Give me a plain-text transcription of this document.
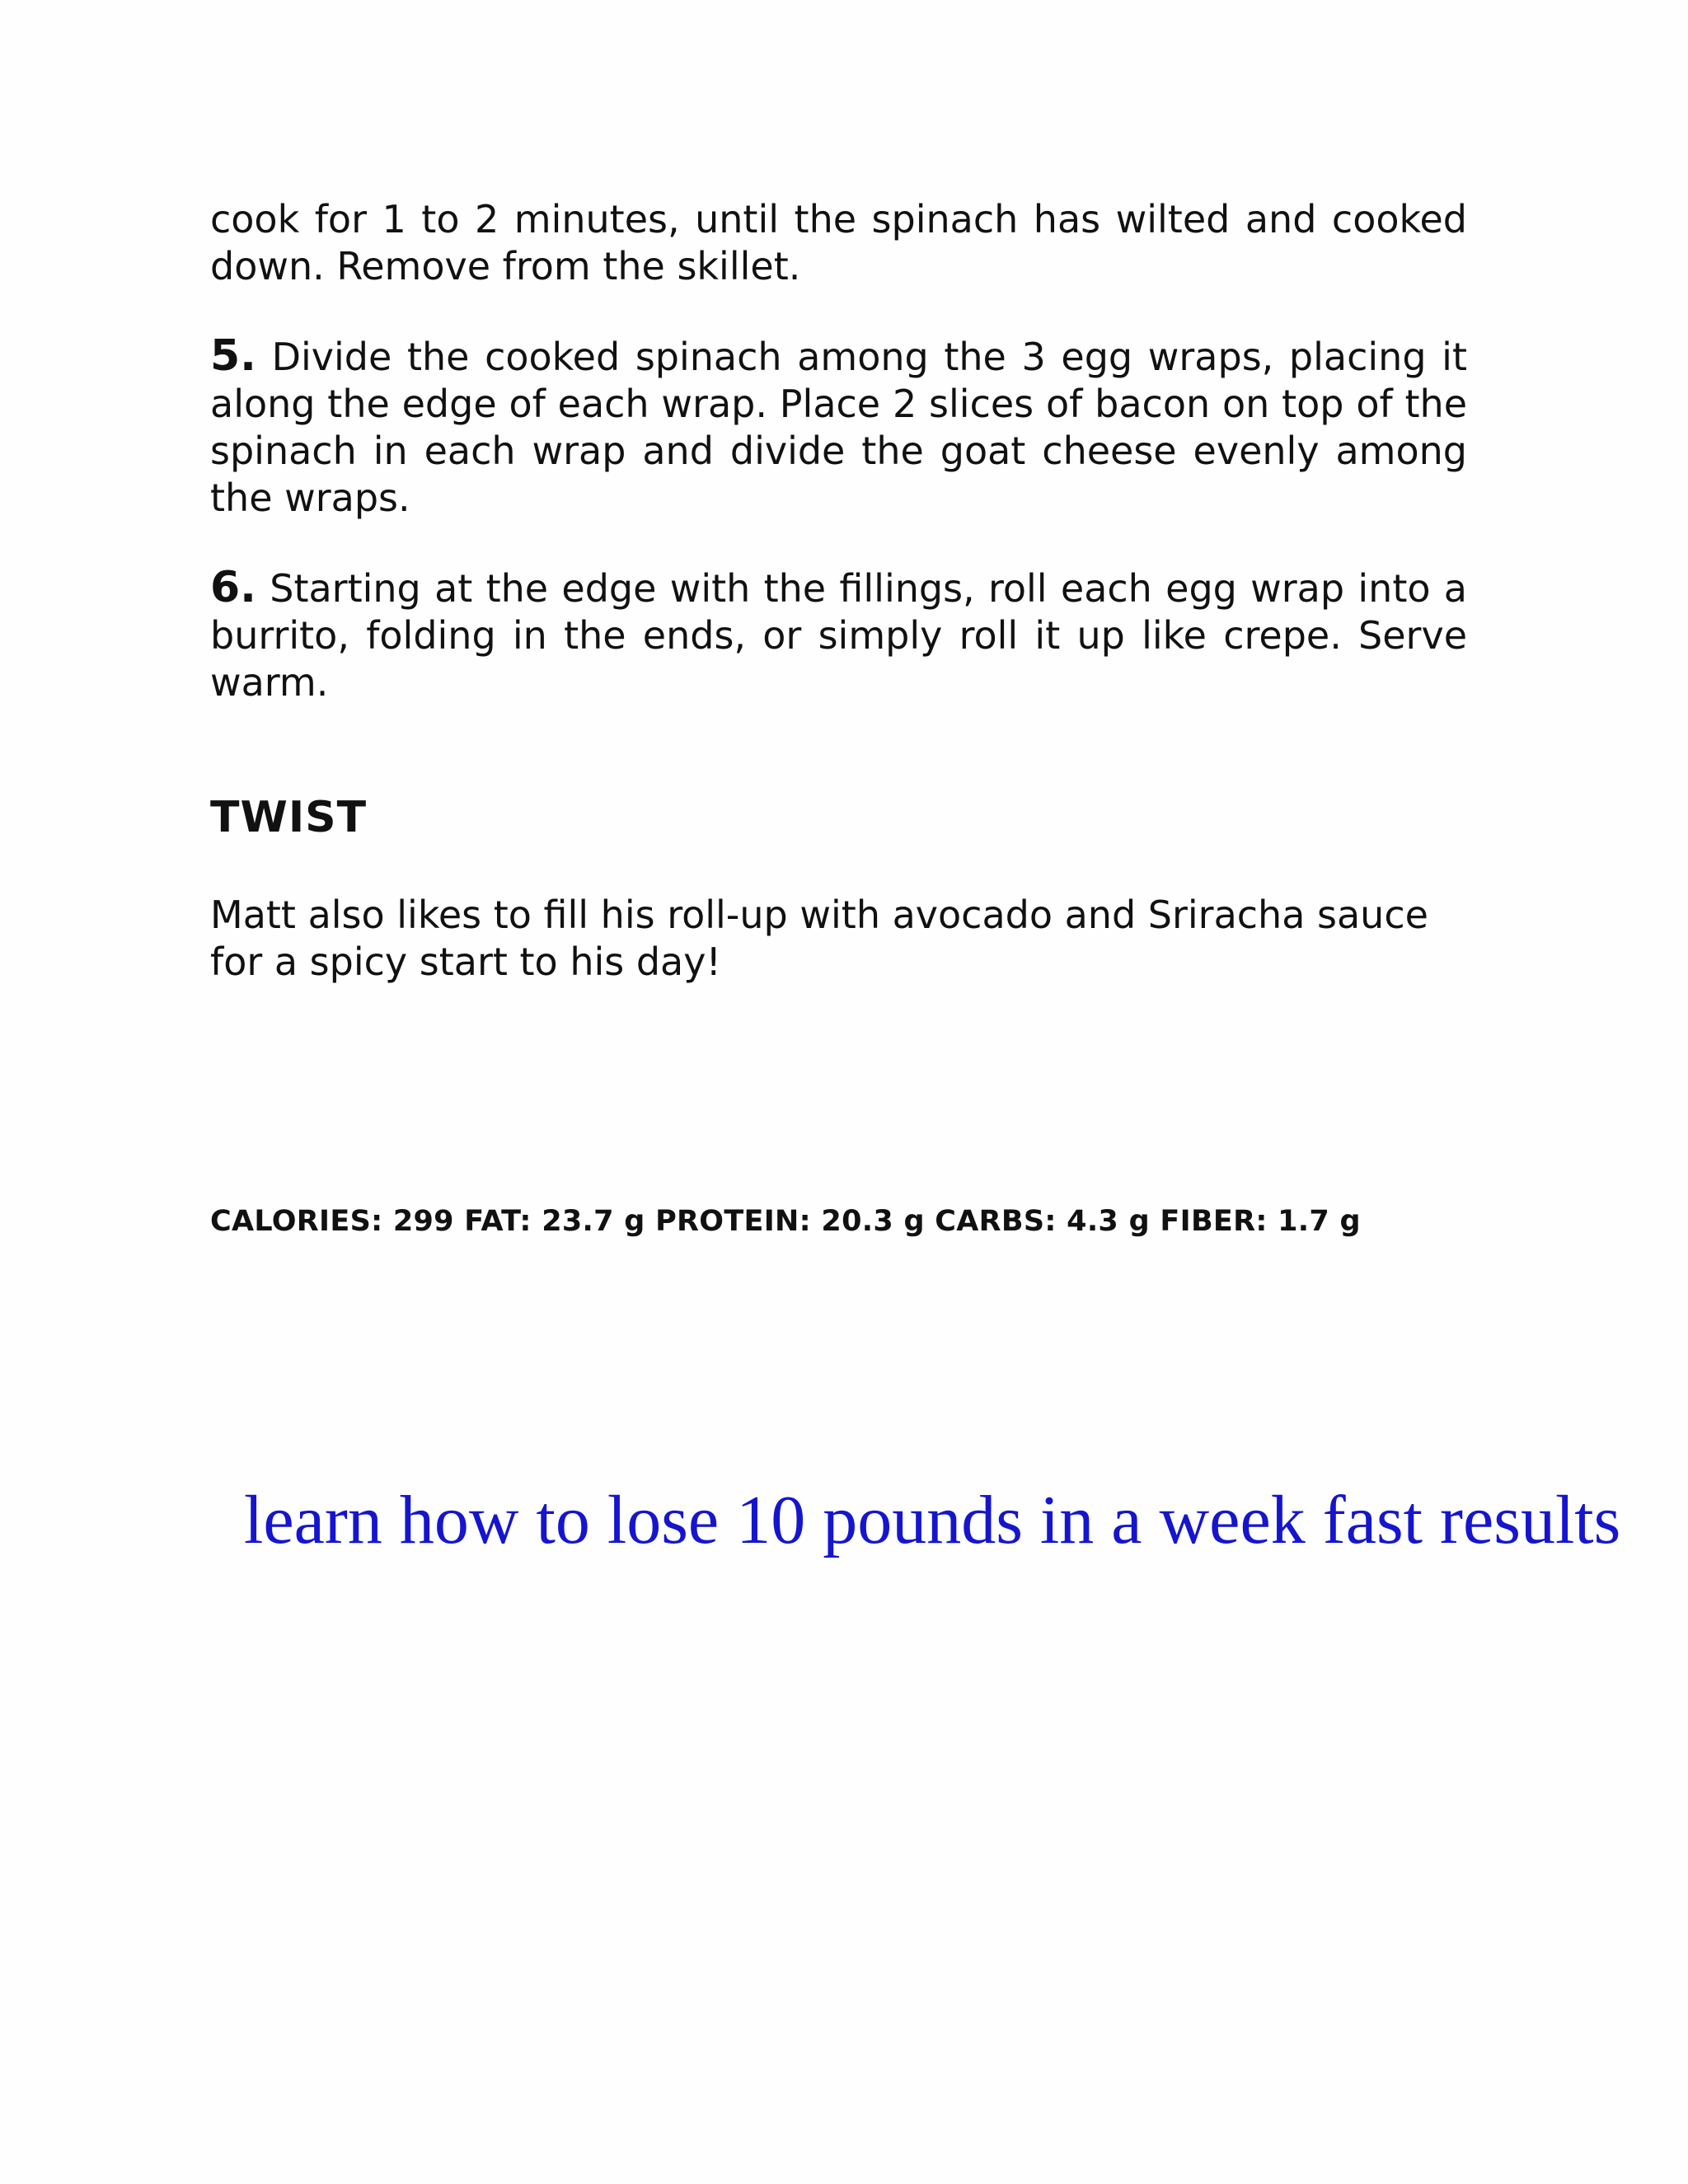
cook for 1 to 2 minutes, until the spinach has wilted and cooked down. Remove from the skillet.

5. Divide the cooked spinach among the 3 egg wraps, placing it along the edge of each wrap. Place 2 slices of bacon on top of the spinach in each wrap and divide the goat cheese evenly among the wraps.

6. Starting at the edge with the fillings, roll each egg wrap into a burrito, folding in the ends, or simply roll it up like crepe. Serve warm.

TWIST

Matt also likes to fill his roll-up with avocado and Sriracha sauce for a spicy start to his day!

CALORIES: 299 FAT: 23.7 g PROTEIN: 20.3 g CARBS: 4.3 g FIBER: 1.7 g
learn how to lose 10 pounds in a week fast results
